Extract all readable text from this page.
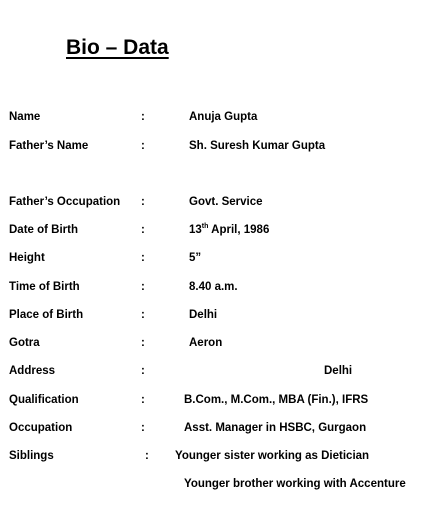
Bio – Data
Name	:	Anuja Gupta
Father’s Name	:	Sh. Suresh Kumar Gupta
Father’s Occupation :	Govt. Service
Date of Birth	:	13th April, 1986
Height	:	5”
Time of Birth	:	8.40 a.m.
Place of Birth	:	Delhi
Gotra	:	Aeron
Address	:	Delhi
Qualification	:	B.Com., M.Com., MBA (Fin.), IFRS
Occupation	:	Asst. Manager in HSBC, Gurgaon
Siblings	: Younger sister working as Dietician
Younger brother working with Accenture
